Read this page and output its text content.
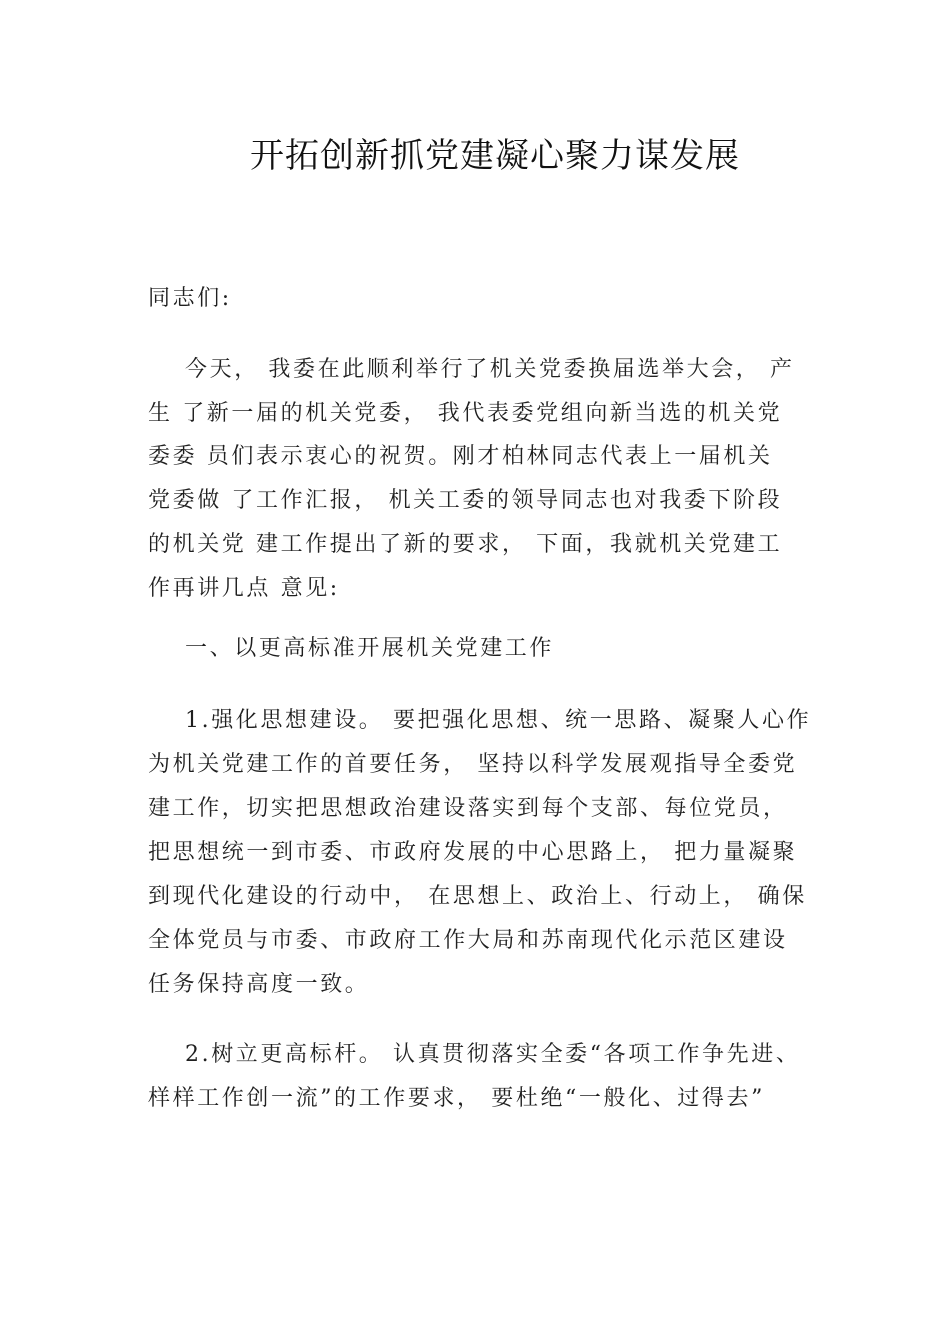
开拓创新抓党建凝心聚力谋发展
同志们:
今天， 我委在此顺利举行了机关党委换届选举大会， 产
生 了新一届的机关党委， 我代表委党组向新当选的机关党
委委 员们表示衷心的祝贺。刚才柏林同志代表上一届机关
党委做 了工作汇报， 机关工委的领导同志也对我委下阶段
的机关党 建工作提出了新的要求， 下面，我就机关党建工
作再讲几点 意见:
一、以更高标准开展机关党建工作
1.强化思想建设。 要把强化思想、统一思路、凝聚人心作
为机关党建工作的首要任务， 坚持以科学发展观指导全委党
建工作，切实把思想政治建设落实到每个支部、每位党员，
把思想统一到市委、市政府发展的中心思路上， 把力量凝聚
到现代化建设的行动中， 在思想上、政治上、行动上， 确保
全体党员与市委、市政府工作大局和苏南现代化示范区建设
任务保持高度一致。
2.树立更高标杆。 认真贯彻落实全委“各项工作争先进、
样样工作创一流”的工作要求， 要杜绝“一般化、过得去”
